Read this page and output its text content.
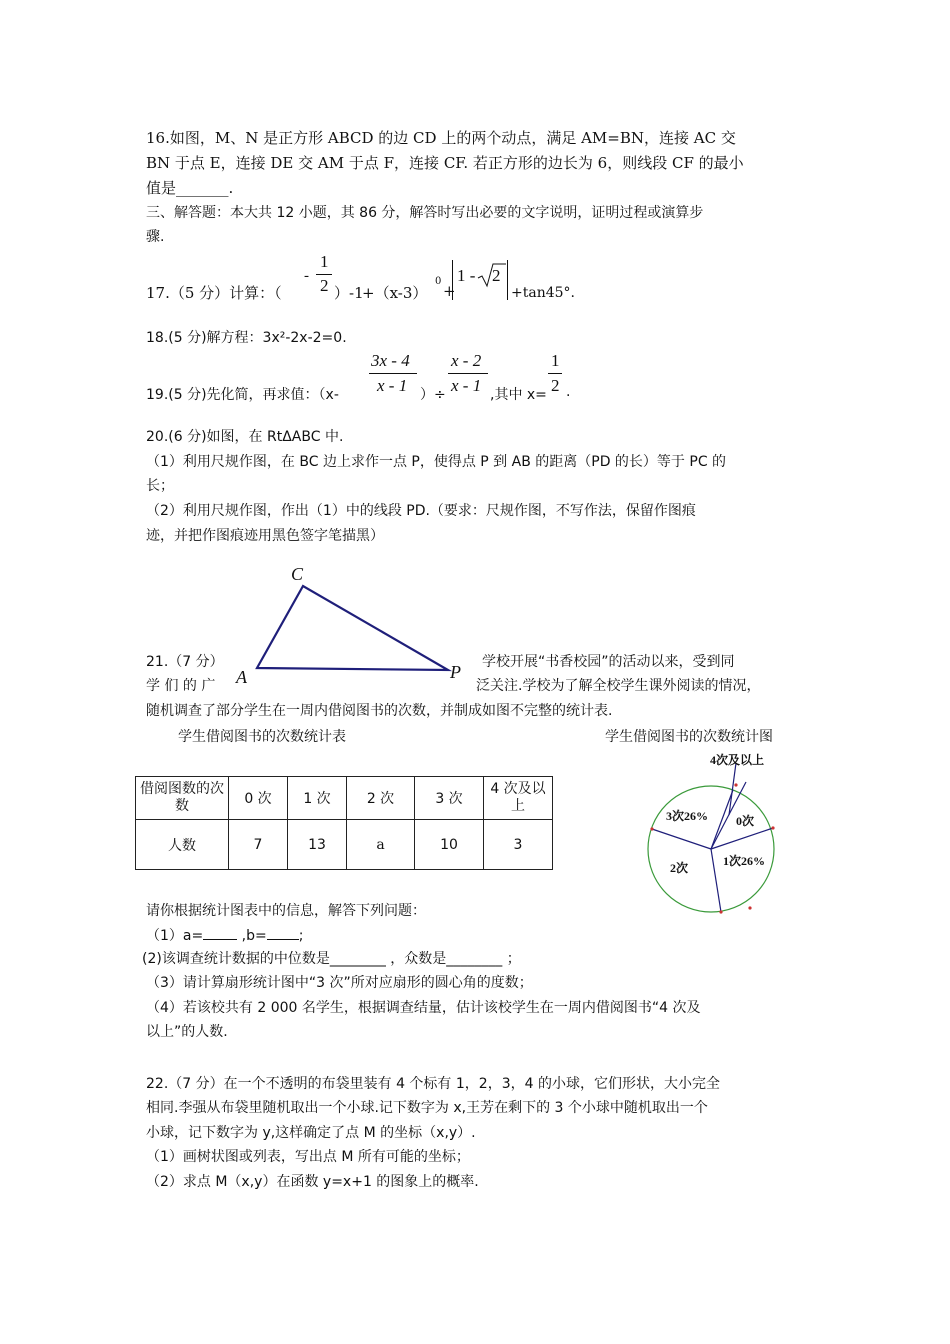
16.如图，M、N 是正方形 ABCD 的边 CD 上的两个动点，满足 AM=BN，连接 AC 交
BN 于点 E，连接 DE 交 AM 于点 F，连接 CF. 若正方形的边长为 6，则线段 CF 的最小
值是_______.
三、解答题：本大共 12 小题，其 86 分，解答时写出必要的文字说明，证明过程或演算步
骤.
17.（5 分）计算：（
-
1
2 ）-1
+（x-3）
0
+
1 - 2
+tan45°.
18.(5 分)解方程：3x²-2x-2=0.
19.(5 分)先化简，再求值：（x-
3x - 4
x - 1 ）÷
x - 2
x - 1 ,其中 x=
1
2 .
20.(6 分)如图，在 RtΔABC 中.
（1）利用尺规作图，在 BC 边上求作一点 P，使得点 P 到 AB 的距离（PD 的长）等于 PC 的
长；
（2）利用尺规作图，作出（1）中的线段 PD.（要求：尺规作图，不写作法，保留作图痕
迹，并把作图痕迹用黑色签字笔描黑）
C
A	P
21.（7 分）	学校开展“书香校园”的活动以来，受到同
学 们 的 广	泛关注.学校为了解全校学生课外阅读的情况，
随机调查了部分学生在一周内借阅图书的次数，并制成如图不完整的统计表.
学生借阅图书的次数统计表	学生借阅图书的次数统计图
借阅图数的次数	0 次	1 次	2 次	3 次	4 次及以上
人数	7	13	a	10	3
4次及以上
0次
1次26%
2次
3次26%
请你根据统计图表中的信息，解答下列问题：
（1）a= ,b= ;
(2)该调查统计数据的中位数是________ ，众数是________ ；
（3）请计算扇形统计图中“3 次”所对应扇形的圆心角的度数；
（4）若该校共有 2 000 名学生，根据调查结量，估计该校学生在一周内借阅图书“4 次及
以上”的人数.
22.（7 分）在一个不透明的布袋里装有 4 个标有 1，2，3，4 的小球，它们形状，大小完全
相同.李强从布袋里随机取出一个小球.记下数字为 x,王芳在剩下的 3 个小球中随机取出一个
小球，记下数字为 y,这样确定了点 M 的坐标（x,y）.
（1）画树状图或列表，写出点 M 所有可能的坐标；
（2）求点 M（x,y）在函数 y=x+1 的图象上的概率.
